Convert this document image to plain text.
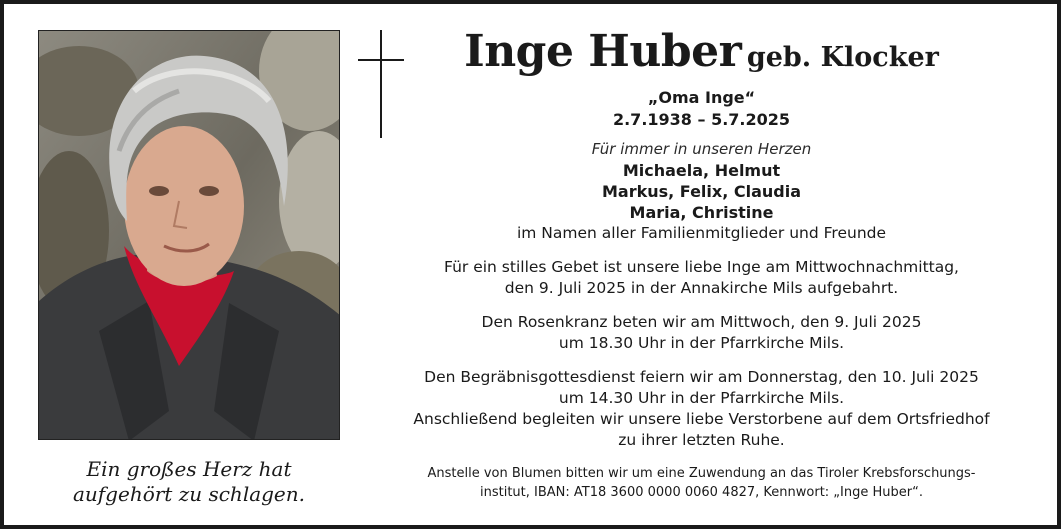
Ein großes Herz hat
aufgehört zu schlagen.
Inge Huber geb. Klocker
„Oma Inge“
2.7.1938 – 5.7.2025
Für immer in unseren Herzen
Michaela, Helmut
Markus, Felix, Claudia
Maria, Christine
im Namen aller Familienmitglieder und Freunde
Für ein stilles Gebet ist unsere liebe Inge am Mittwochnachmittag,
den 9. Juli 2025 in der Annakirche Mils aufgebahrt.
Den Rosenkranz beten wir am Mittwoch, den 9. Juli 2025
um 18.30 Uhr in der Pfarrkirche Mils.
Den Begräbnisgottesdienst feiern wir am Donnerstag, den 10. Juli 2025
um 14.30 Uhr in der Pfarrkirche Mils.
Anschließend begleiten wir unsere liebe Verstorbene auf dem Ortsfriedhof
zu ihrer letzten Ruhe.
Anstelle von Blumen bitten wir um eine Zuwendung an das Tiroler Krebsforschungs-
institut, IBAN: AT18 3600 0000 0060 4827, Kennwort: „Inge Huber“.
